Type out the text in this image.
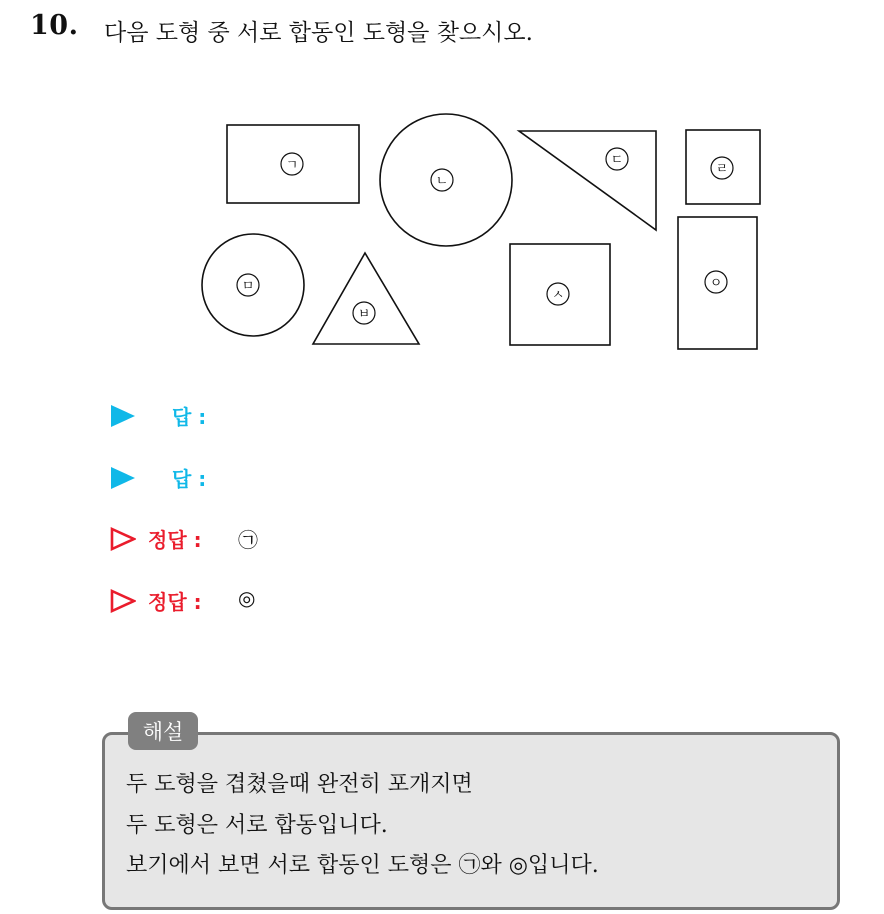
10. 다음 도형 중 서로 합동인 도형을 찾으시오.
ㄱ
ㄴ
ㄷ
ㄹ
ㅁ
ㅂ
ㅅ
ㅇ
답 :
답 :
정답 : ㉠
정답 : ◎
해설
두 도형을 겹쳤을때 완전히 포개지면
두 도형은 서로 합동입니다.
보기에서 보면 서로 합동인 도형은 ㉠와 ◎입니다.
